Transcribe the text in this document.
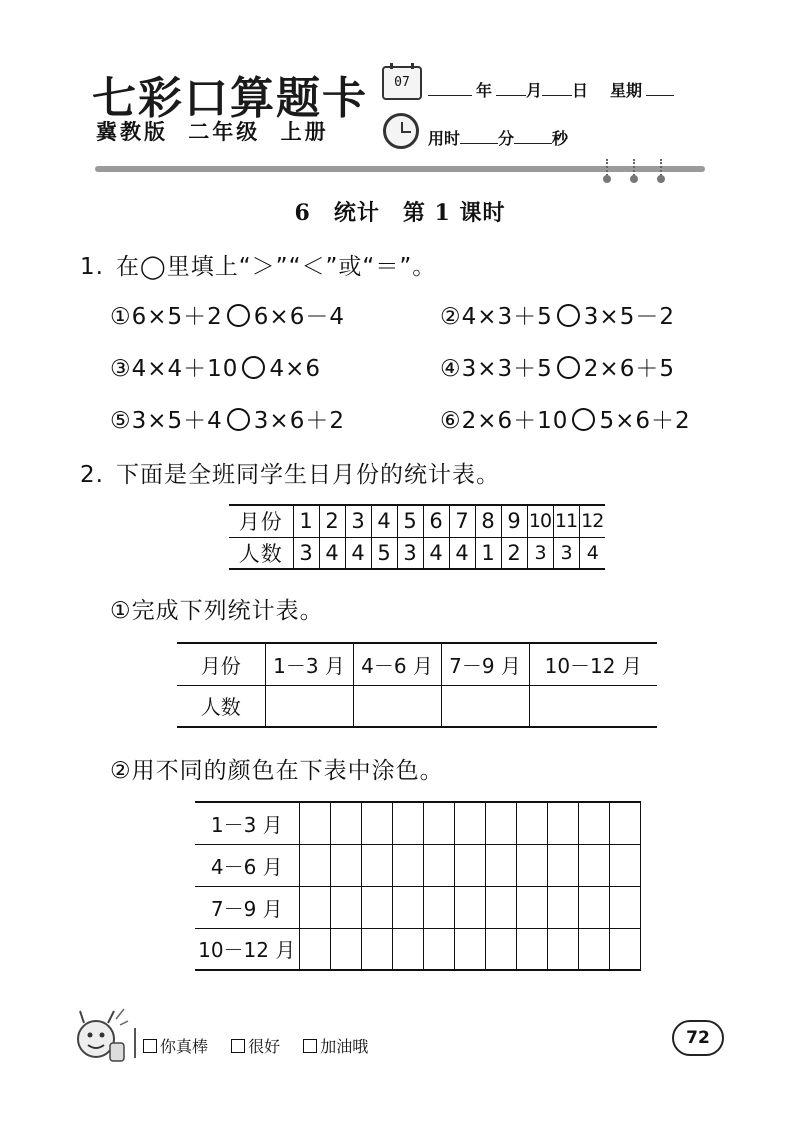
七彩口算题卡
冀教版 二年级 上册
07	年 月 日 星期
用时 分 秒
6　统计　第 1 课时
1. 在◯里填上“＞”“＜”或“＝”。
①6×5＋2 6×6－4	②4×3＋5 3×5－2
③4×4＋10 4×6	④3×3＋5 2×6＋5
⑤3×5＋4 3×6＋2	⑥2×6＋10 5×6＋2
2. 下面是全班同学生日月份的统计表。
月份	1	2	3	4	5	6	7	8	9	10	11	12
人数	3	4	4	5	3	4	4	1	2	3	3	4
①完成下列统计表。
月份	1－3 月	4－6 月	7－9 月	10－12 月
人数				
②用不同的颜色在下表中涂色。
1－3 月											
4－6 月											
7－9 月											
10－12 月											
你真棒	很好	加油哦	72
